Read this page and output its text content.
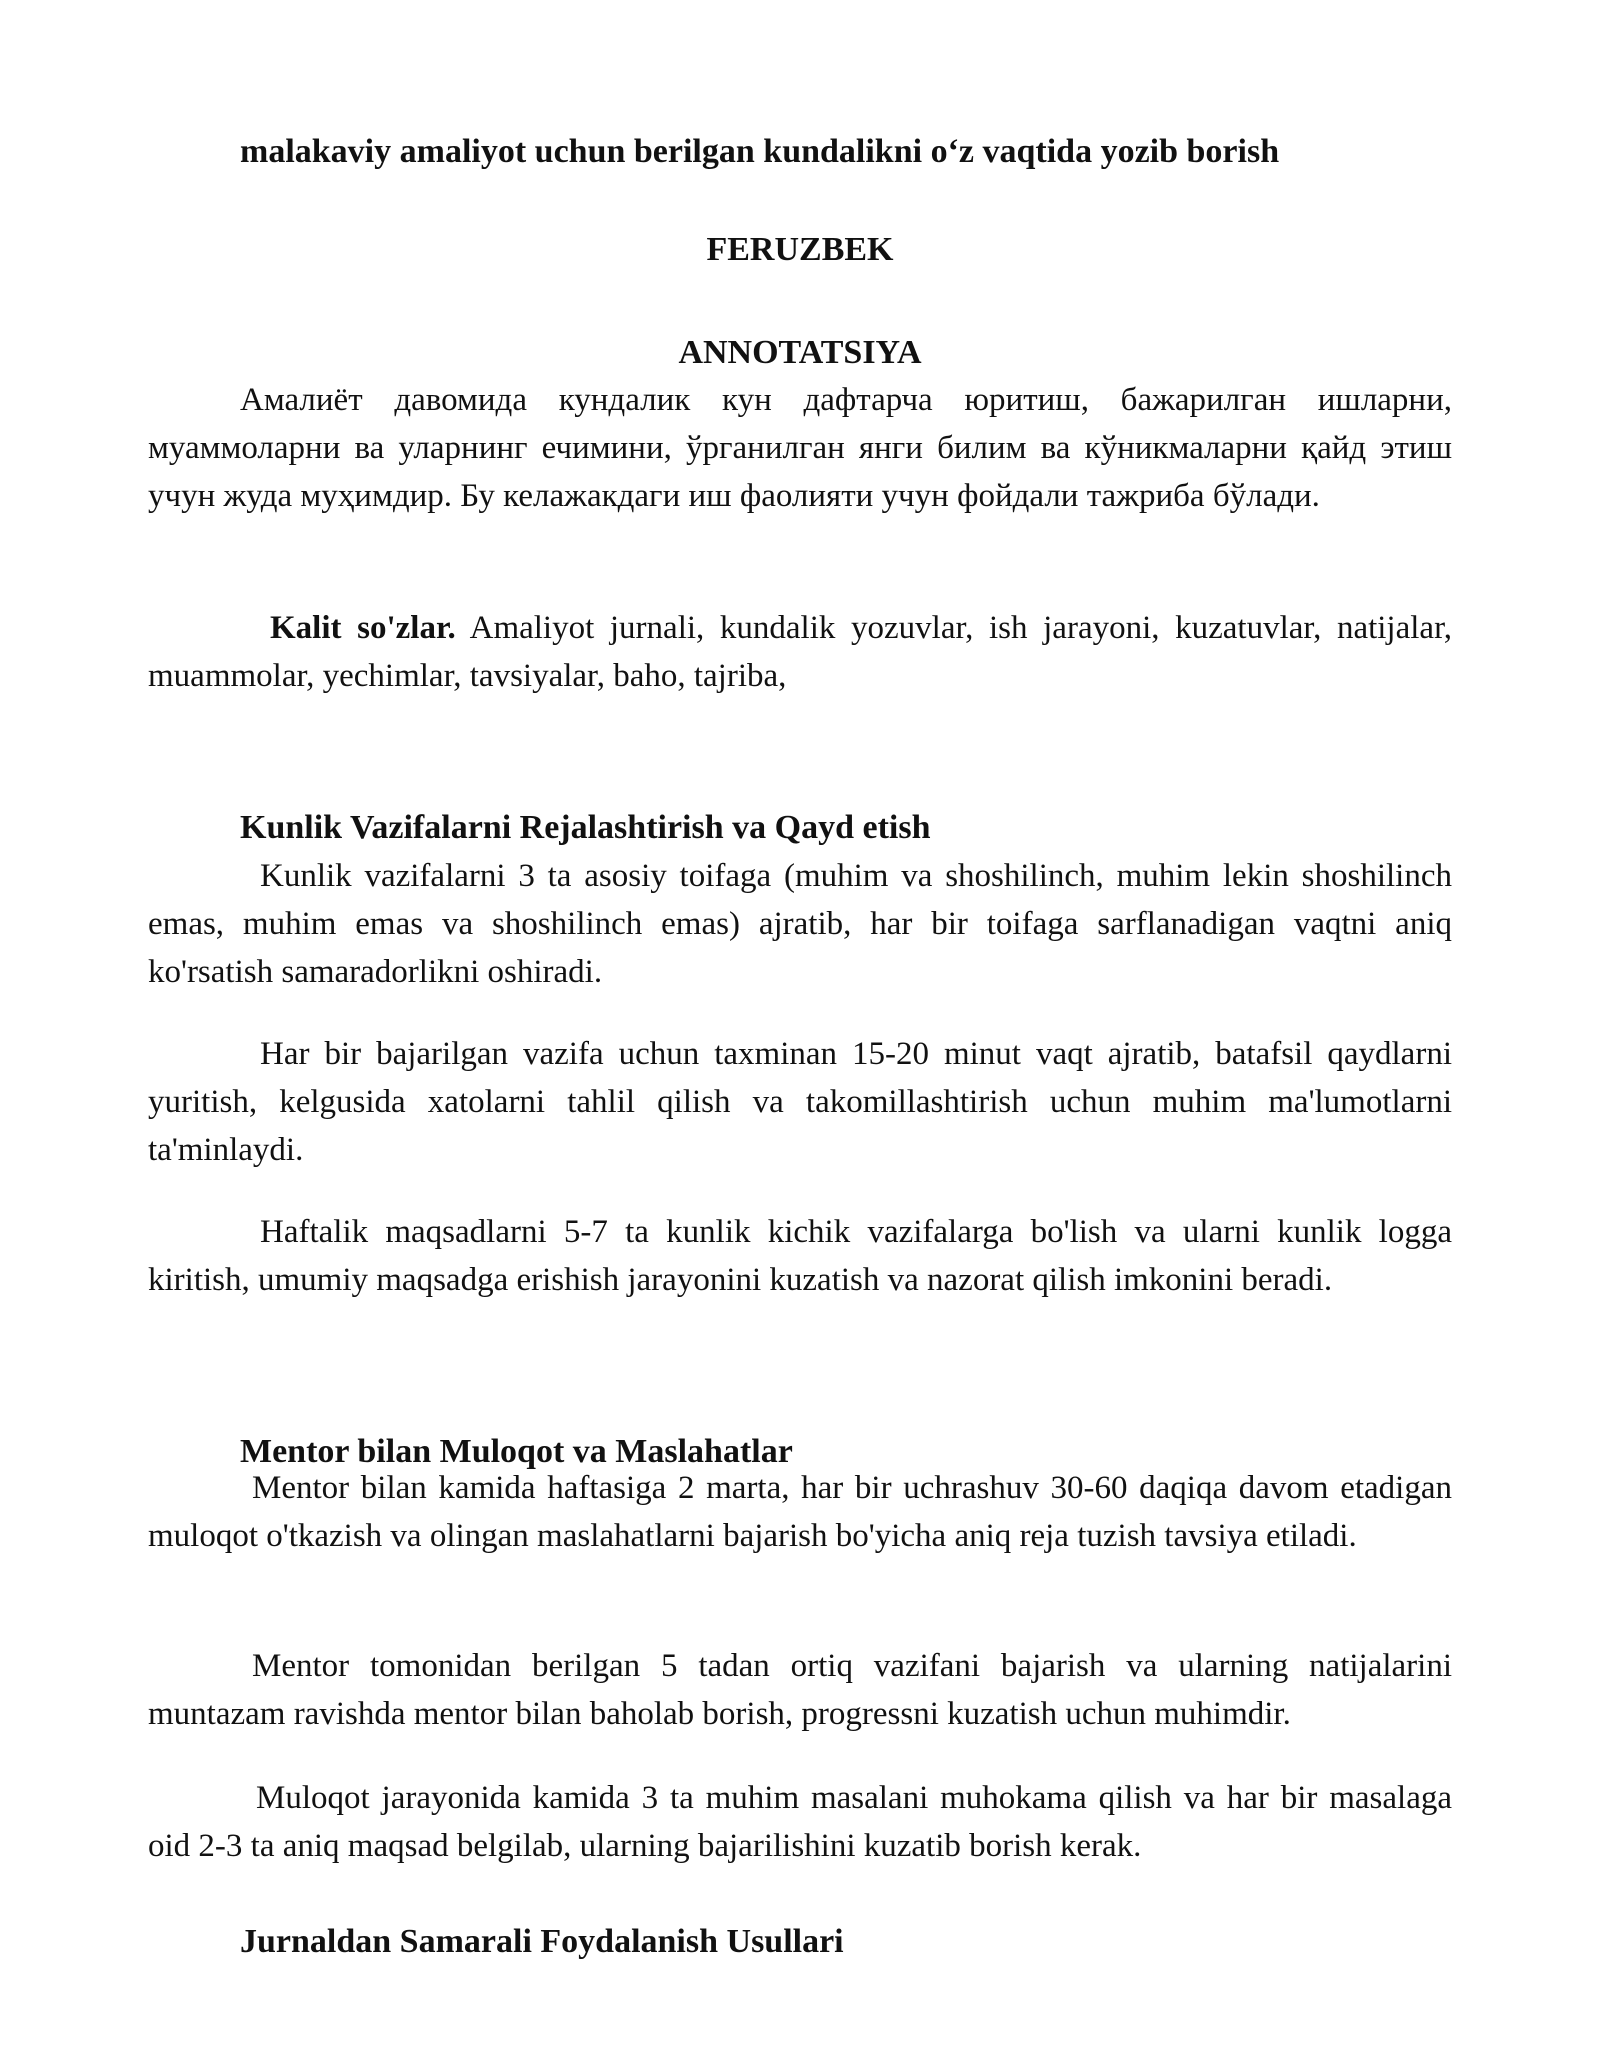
malakaviy amaliyot uchun berilgan kundalikni o‘z vaqtida yozib borish

FERUZBEK

ANNOTATSIYA

Амалиёт давомида кундалик кун дафтарча юритиш, бажарилган ишларни, муаммоларни ва уларнинг ечимини, ўрганилган янги билим ва кўникмаларни қайд этиш учун жуда муҳимдир. Бу келажакдаги иш фаолияти учун фойдали тажриба бўлади.

Kalit so'zlar. Amaliyot jurnali, kundalik yozuvlar, ish jarayoni, kuzatuvlar, natijalar, muammolar, yechimlar, tavsiyalar, baho, tajriba,

Kunlik Vazifalarni Rejalashtirish va Qayd etish

Kunlik vazifalarni 3 ta asosiy toifaga (muhim va shoshilinch, muhim lekin shoshilinch emas, muhim emas va shoshilinch emas) ajratib, har bir toifaga sarflanadigan vaqtni aniq ko'rsatish samaradorlikni oshiradi.

Har bir bajarilgan vazifa uchun taxminan 15-20 minut vaqt ajratib, batafsil qaydlarni yuritish, kelgusida xatolarni tahlil qilish va takomillashtirish uchun muhim ma'lumotlarni ta'minlaydi.

Haftalik maqsadlarni 5-7 ta kunlik kichik vazifalarga bo'lish va ularni kunlik logga kiritish, umumiy maqsadga erishish jarayonini kuzatish va nazorat qilish imkonini beradi.

Mentor bilan Muloqot va Maslahatlar

Mentor bilan kamida haftasiga 2 marta, har bir uchrashuv 30-60 daqiqa davom etadigan muloqot o'tkazish va olingan maslahatlarni bajarish bo'yicha aniq reja tuzish tavsiya etiladi.

Mentor tomonidan berilgan 5 tadan ortiq vazifani bajarish va ularning natijalarini muntazam ravishda mentor bilan baholab borish, progressni kuzatish uchun muhimdir.

Muloqot jarayonida kamida 3 ta muhim masalani muhokama qilish va har bir masalaga oid 2-3 ta aniq maqsad belgilab, ularning bajarilishini kuzatib borish kerak.

Jurnaldan Samarali Foydalanish Usullari
